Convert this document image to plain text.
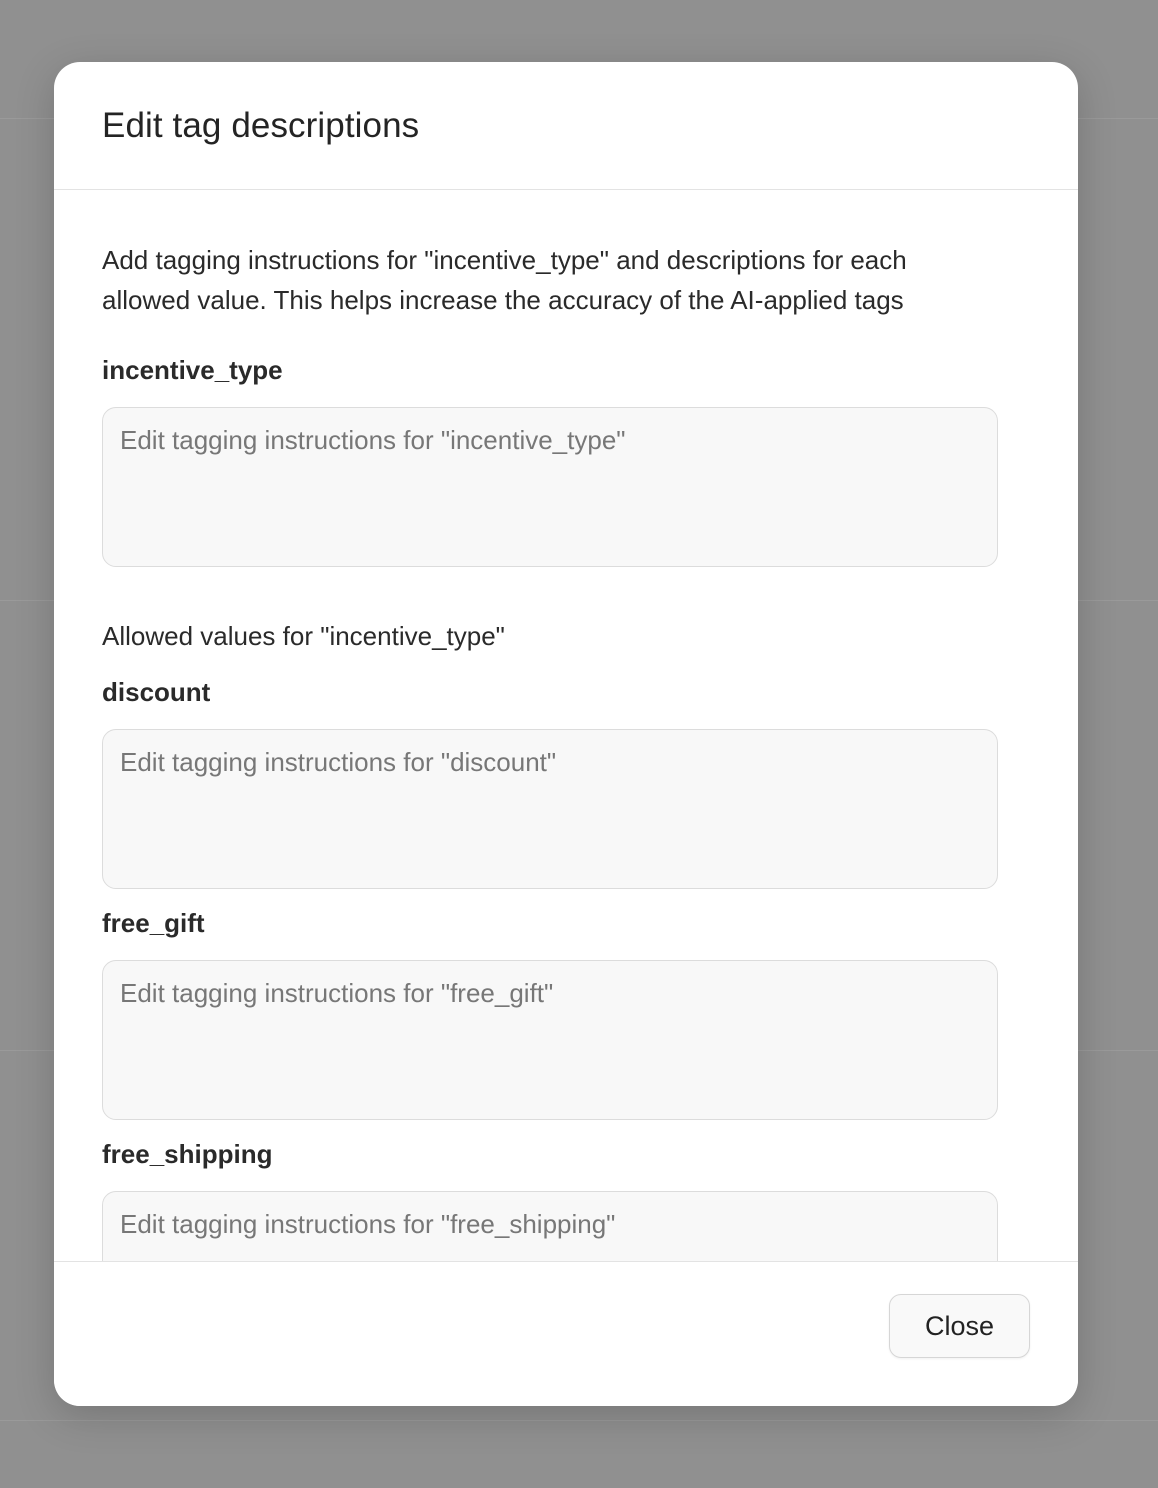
Edit tag descriptions

Add tagging instructions for "incentive_type" and descriptions for each allowed value. This helps increase the accuracy of the AI-applied tags

incentive_type

Edit tagging instructions for "incentive_type"

Allowed values for "incentive_type"

discount

Edit tagging instructions for "discount"

free_gift

Edit tagging instructions for "free_gift"

free_shipping

Edit tagging instructions for "free_shipping"
Close
